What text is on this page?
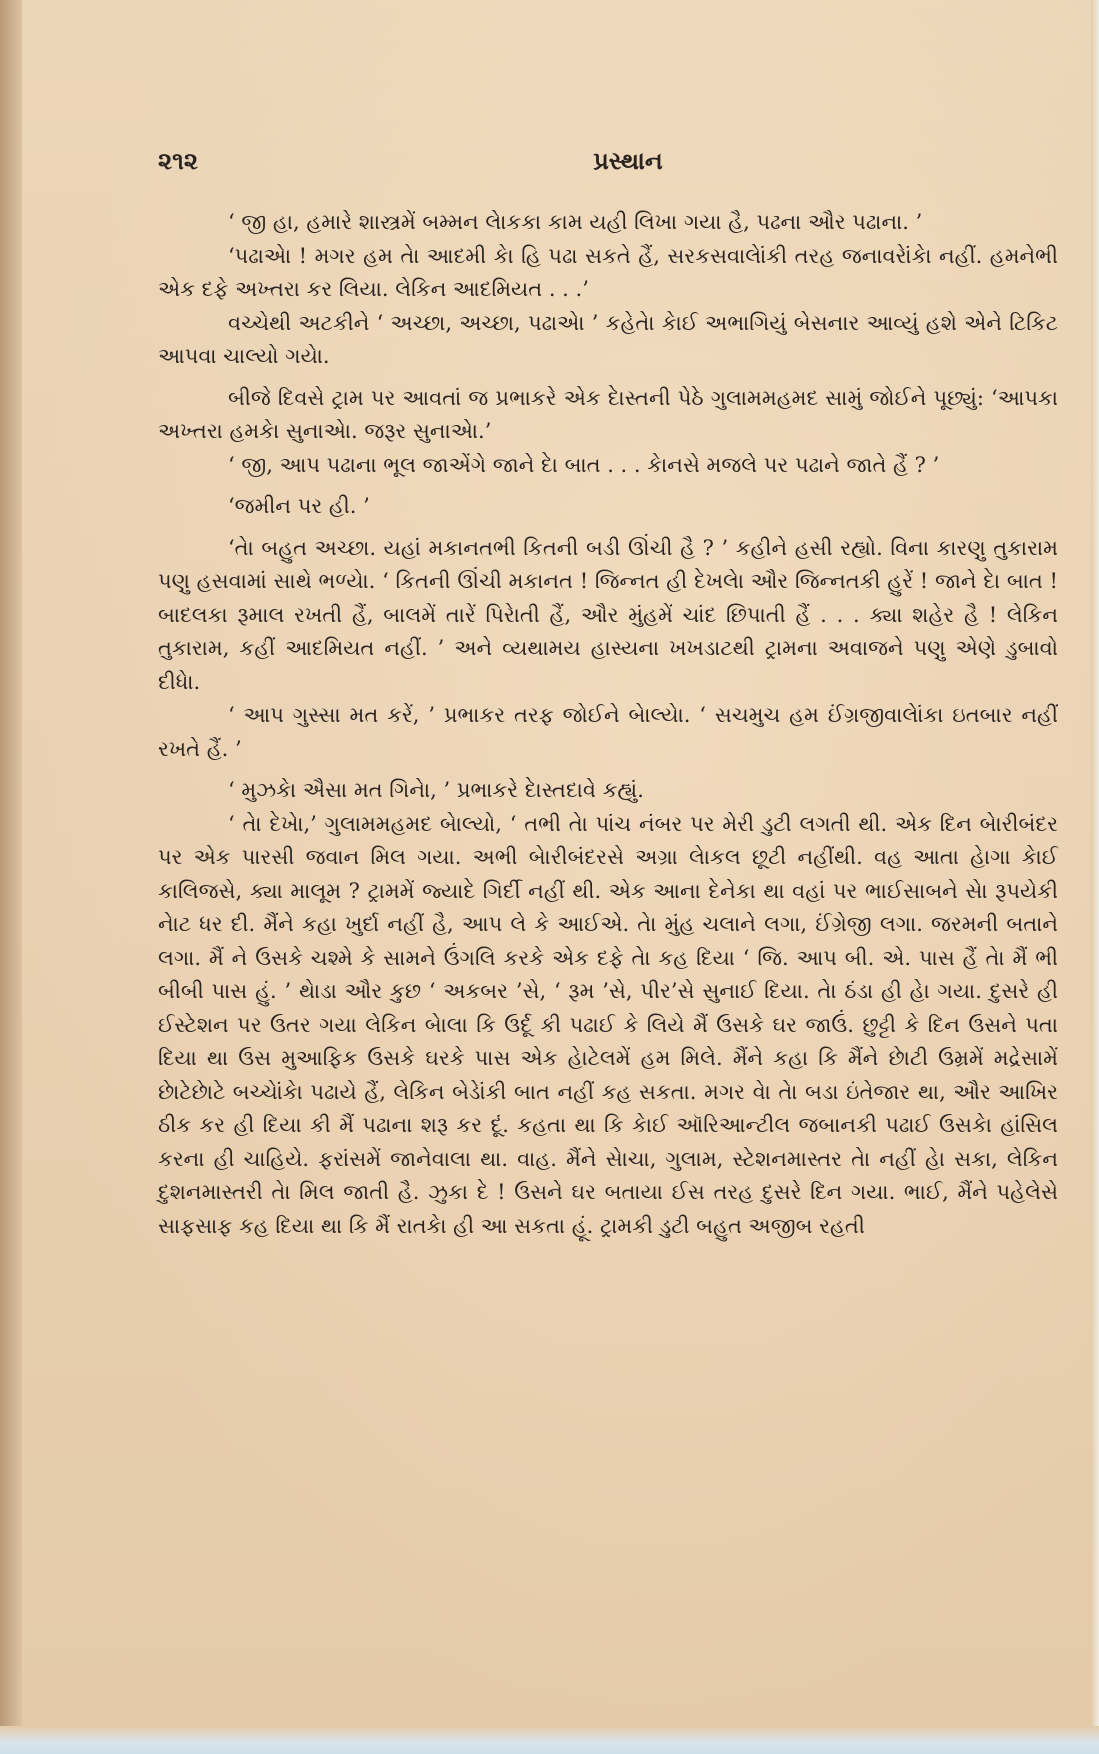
૨૧૨	પ્રસ્થાન

‘ જી હા, હમારે શાસ્ત્રમેં બમ્મન લેાકકા કામ યહી લિખા ગયા હૈ, પઢના ઔર પઢાના. ’

‘પઢાએા ! મગર હમ તેા આદમી કેા હિ પઢા સકતે હૈં, સરકસવાલેાંકી તરહ જનાવરેાંકેા નહીં. હમનેભી એક દફે અખ્તરા કર લિયા. લેકિન આદમિયત . . .’

વચ્ચેથી અટકીને ‘ અચ્છા, અચ્છા, પઢાએા ’ કહેતેા કેાઈ અભાગિયું બેસનાર આવ્યું હશે એને ટિકિટ આપવા ચાલ્યો ગયેા.

બીજે દિવસે ટ્રામ પર આવતાં જ પ્રભાકરે એક દેાસ્તની પેઠે ગુલામમહમદ સામું જોઈને પૂછ્યું: ‘આપકા અખ્તરા હમકેા સુનાએા. જરૂર સુનાએા.’

‘ જી, આપ પઢાના ભૂલ જાએંગે જાને દેા બાત . . . કેાનસે મજલે પર પઢાને જાતે હૈં ? ’

‘જમીન પર હી. ’

‘તેા બહુત અચ્છા. યહાં મકાનતભી કિતની બડી ઊંચી હૈ ? ’ કહીને હસી રહ્યો. વિના કારણુ તુકારામ પણુ હસવામાં સાથે ભળ્યેા. ‘ કિતની ઊંચી મકાનત ! જિન્નત હી દેખલેા ઔર જિન્નતકી હુરેં ! જાને દેા બાત ! બાદલકા રૂમાલ રખતી હૈં, બાલમેં તારેં પિરેાતી હૈં, ઔર મુંહમેં ચાંદ છિપાતી હૈં . . . ક્યા શહેર હૈ ! લેકિન તુકારામ, કહીં આદમિયત નહીં. ’ અને વ્યથામય હાસ્યના ખખડાટથી ટ્રામના અવાજને પણુ એણે ડુબાવો દીધેા.

‘ આપ ગુસ્સા મત કરેં, ’ પ્રભાકર તરફ જોઈને બેાલ્યેા. ‘ સચમુચ હમ ઈંગ્રજીવાલેાંકા ઇતબાર નહીં રખતે હૈં. ’

‘ મુઝકેા ઐસા મત ગિનેા, ’ પ્રભાકરે દેાસ્તદાવે કહ્યું.

‘ તેા દેખેા,’ ગુલામમહમદ બેાલ્યો, ‘ તભી તેા પાંચ નંબર પર મેરી ડુટી લગતી થી. એક દિન બેારીબંદર પર એક પારસી જવાન મિલ ગયા. અભી બેારીબંદરસે અગ્રા લેાકલ છૂટી નહીંથી. વહ આતા હેાગા કેાઈ કાલિજસે, ક્યા માલૂમ ? ટ્રામમેં જ્યાદે ગિર્દી નહીં થી. એક આના દેનેકા થા વહાં પર ભાઈસાબને સેા રૂપયેકી નેાટ ધર દી. મૈંને કહા ખુર્દા નહીં હૈ, આપ લે કે આઈએ. તેા મુંહ ચલાને લગા, ઈંગ્રેજી લગા. જરમની બતાને લગા. મૈં ને ઉસકે ચશ્મે કે સામને ઉંગલિ કરકે એક દફે તેા કહ દિયા ‘ જિ. આપ બી. એ. પાસ હૈં તેા મૈં ભી બીબી પાસ હું. ’ થેાડા ઔર કુછ ‘ અકબર ’સે, ‘ રૂમ ’સે, પીર’સે સુનાઈ દિયા. તેા ઠંડા હી હેા ગયા. દુસરે હી ઈસ્ટેશન પર ઉતર ગયા લેકિન બેાલા કિ ઉર્દૂ કી પઢાઈ કે લિયે મૈં ઉસકે ઘર જાઉં. છુટ્ટી કે દિન ઉસને પતા દિયા થા ઉસ મુઆફિક ઉસકે ઘરકે પાસ એક હેાટેલમેં હમ મિલે. મૈંને કહા કિ મૈંને છેાટી ઉમ્રમેં મદ્રેસામેં છેાટેછેાટે બચ્ચેાંકેા પઢાયે હૈં, લેકિન બેડેાંકી બાત નહીં કહ સકતા. મગર વેા તેા બડા ઇંતેજાર થા, ઔર આખિર ઠીક કર હી દિયા કી મૈં પઢાના શરૂ કર દૂં. કહતા થા કિ કેાઈ ઑરિઆન્ટીલ જબાનકી પઢાઈ ઉસકેા હાંસિલ કરના હી ચાહિયે. ફરાંસમેં જાનેવાલા થા. વાહ. મૈંને સેાચા, ગુલામ, સ્ટેશનમાસ્તર તેા નહીં હેા સકા, લેકિન દુશનમાસ્તરી તેા મિલ જાતી હૈ. ઝુકા દે ! ઉસને ઘર બતાયા ઈસ તરહ દુસરે દિન ગયા. ભાઈ, મૈંને પહેલેસે સાફસાફ કહ દિયા થા કિ મૈં રાતકેા હી આ સકતા હૂં. ટ્રામકી ડુટી બહુત અજીબ રહતી
